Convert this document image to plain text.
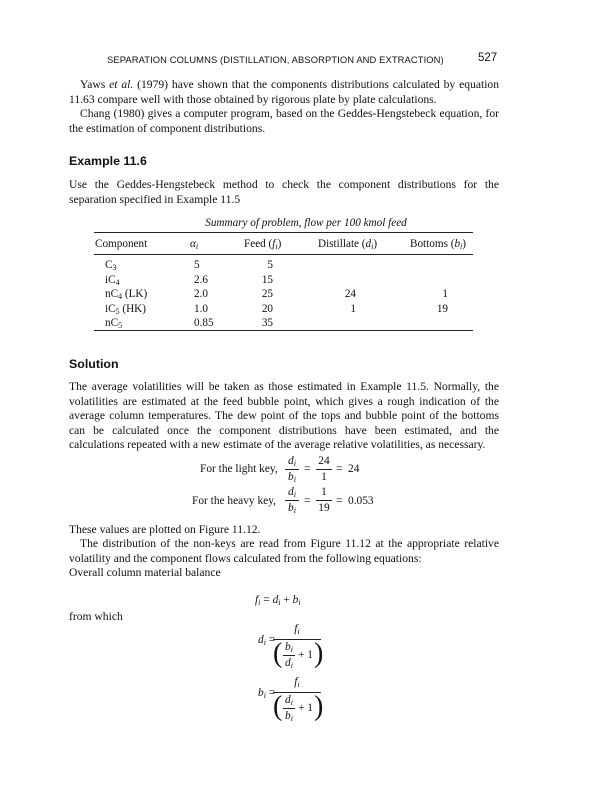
SEPARATION COLUMNS (DISTILLATION, ABSORPTION AND EXTRACTION)	527

Yaws et al. (1979) have shown that the components distributions calculated by equation 11.63 compare well with those obtained by rigorous plate by plate calculations.

Chang (1980) gives a computer program, based on the Geddes-Hengstebeck equation, for the estimation of component distributions.

Example 11.6

Use the Geddes-Hengstebeck method to check the component distributions for the separation specified in Example 11.5

Summary of problem, flow per 100 kmol feed
Component	$\alpha_i$	Feed $(f_i)$	Distillate $(d_i)$	Bottoms $(b_i)$
$C_3$	5	5
$iC_4$	2.6	15
$nC_4$ (LK)	2.0	25	24	1
$iC_5$ (HK)	1.0	20	1	19
$nC_5$	0.85	35
Solution

The average volatilities will be taken as those estimated in Example 11.5. Normally, the volatilities are estimated at the feed bubble point, which gives a rough indication of the average column temperatures. The dew point of the tops and bubble point of the bottoms can be calculated once the component distributions have been estimated, and the calculations repeated with a new estimate of the average relative volatilities, as necessary.

For the light key,
$d_i$
$b_i$
=
24
1
= 24
For the heavy key,
$d_i$
$b_i$
=
1
19
= 0.053

These values are plotted on Figure 11.12.

The distribution of the non-keys are read from Figure 11.12 at the appropriate relative volatility and the component flows calculated from the following equations:

Overall column material balance

$f_i = d_i + b_i$

from which

$d_i$ =
$f_i$
( $b_i$
$d_i$
+ 1 )
$b_i$ =
$f_i$
( $d_i$
$b_i$
+ 1 )
